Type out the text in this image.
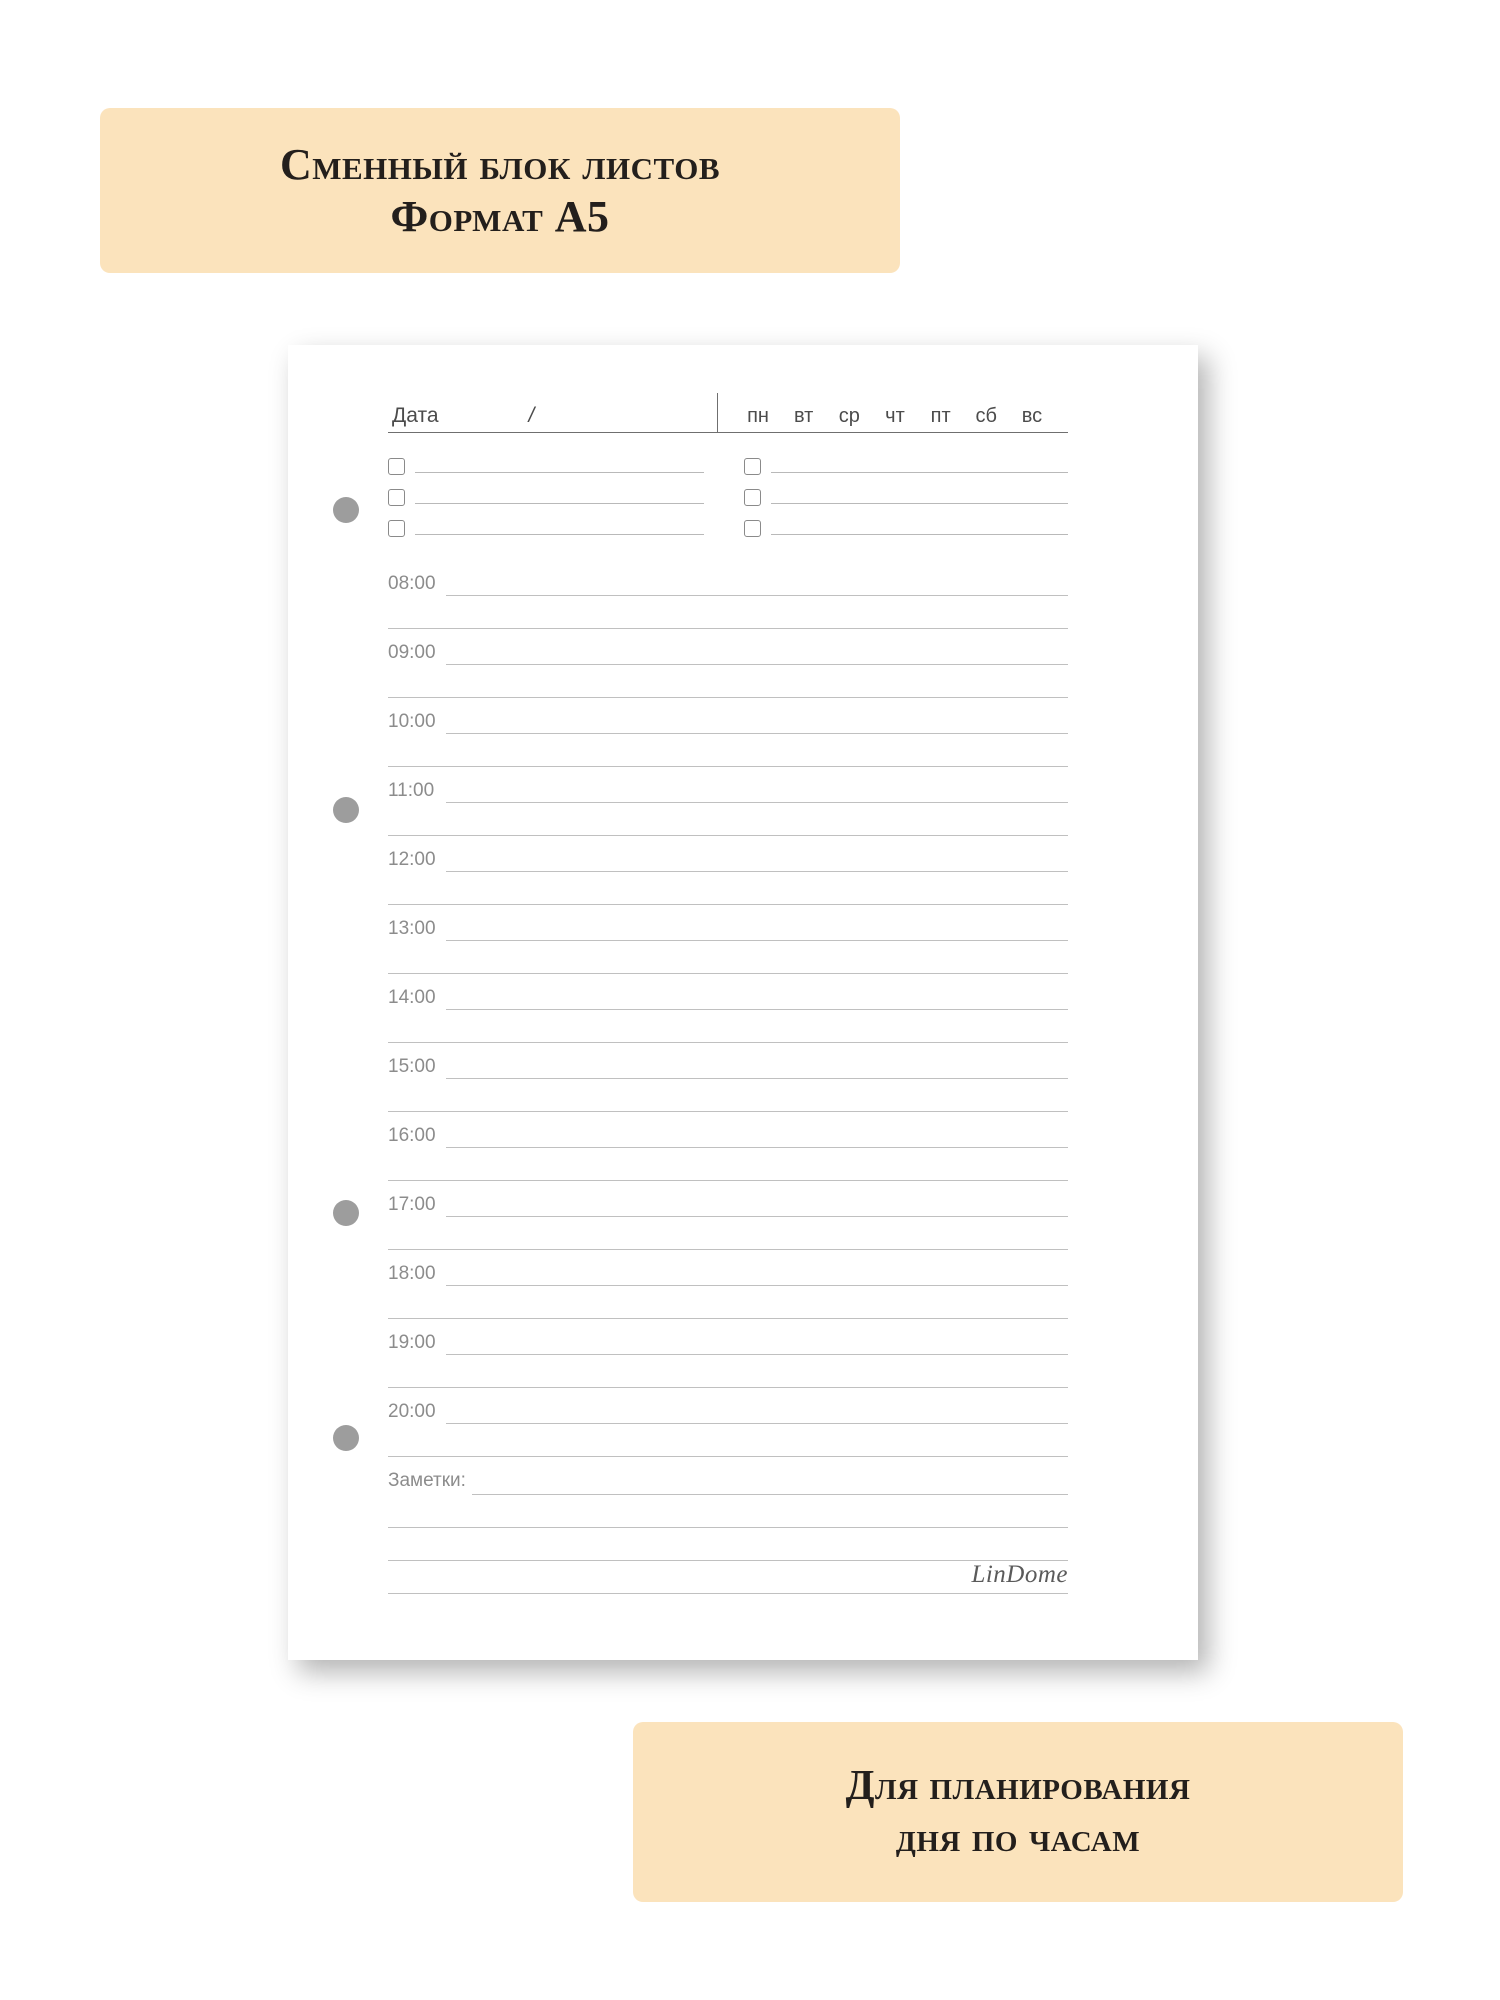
Сменный блок листов
Формат А5
Дата	/	пн	вт	ср	чт	пт	сб	вс
08:00
09:00
10:00
11:00
12:00
13:00
14:00
15:00
16:00
17:00
18:00
19:00
20:00
Заметки:
LinDome
Для планирования
дня по часам
